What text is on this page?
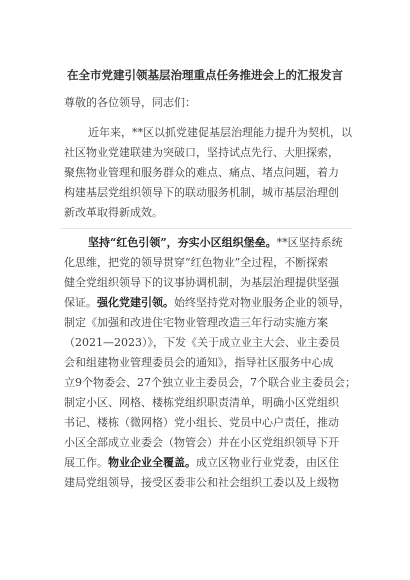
在全市党建引领基层治理重点任务推进会上的汇报发言
尊敬的各位领导，同志们：
近年来，**区以抓党建促基层治理能力提升为契机，以
社区物业党建联建为突破口，坚持试点先行、大胆探索，
聚焦物业管理和服务群众的难点、痛点、堵点问题，着力
构建基层党组织领导下的联动服务机制，城市基层治理创
新改革取得新成效。
坚持“红色引领”，夯实小区组织堡垒。**区坚持系统
化思维，把党的领导贯穿“红色物业”全过程，不断探索
健全党组织领导下的议事协调机制，为基层治理提供坚强
保证。强化党建引领。始终坚持党对物业服务企业的领导，
制定《加强和改进住宅物业管理改造三年行动实施方案
（2021—2023）》，下发《关于成立业主大会、业主委员
会和组建物业管理委员会的通知》，指导社区服务中心成
立9个物委会、27个独立业主委员会，7个联合业主委员会；
制定小区、网格、楼栋党组织职责清单，明确小区党组织
书记、楼栋（微网格）党小组长、党员中心户责任，推动
小区全部成立业委会（物管会）并在小区党组织领导下开
展工作。物业企业全覆盖。成立区物业行业党委，由区住
建局党组领导，接受区委非公和社会组织工委以及上级物
